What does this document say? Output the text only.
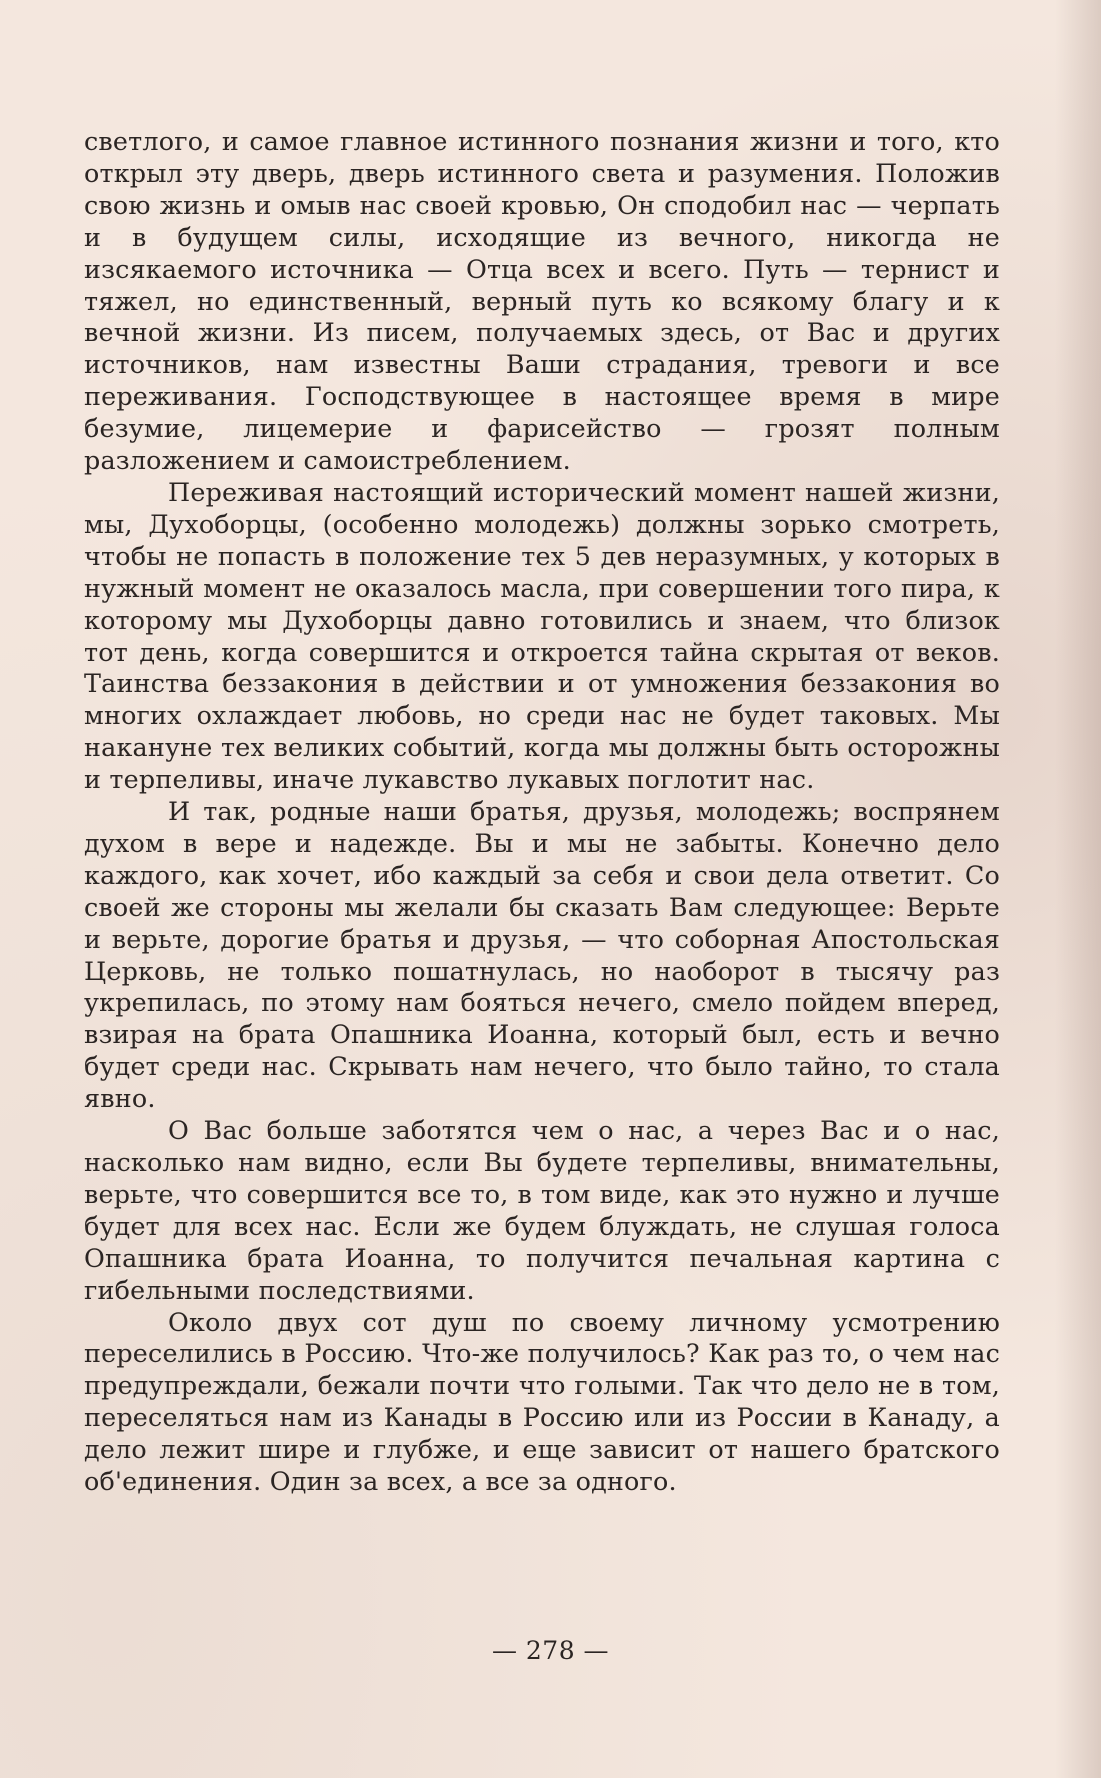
светлого, и самое главное истинного познания жизни и того, кто открыл эту дверь, дверь истинного света и разумения. Положив свою жизнь и омыв нас своей кровью, Он сподобил нас — черпать и в будущем силы, исходящие из вечного, никогда не изсякаемого источника — Отца всех и всего. Путь — тернист и тяжел, но единственный, верный путь ко всякому благу и к вечной жизни. Из писем, получаемых здесь, от Вас и других источников, нам известны Ваши страдания, тревоги и все переживания. Господствующее в настоящее время в мире безумие, лицемерие и фарисейство — грозят полным разложением и самоистреблением.

Переживая настоящий исторический момент нашей жизни, мы, Духоборцы, (особенно молодежь) должны зорько смотреть, чтобы не попасть в положение тех 5 дев неразумных, у которых в нужный момент не оказалось масла, при совершении того пира, к которому мы Духоборцы давно готовились и знаем, что близок тот день, когда совершится и откроется тайна скрытая от веков. Таинства беззакония в действии и от умножения беззакония во многих охлаждает любовь, но среди нас не будет таковых. Мы накануне тех великих событий, когда мы должны быть осторожны и терпеливы, иначе лукавство лукавых поглотит нас.

И так, родные наши братья, друзья, молодежь; воспрянем духом в вере и надежде. Вы и мы не забыты. Конечно дело каждого, как хочет, ибо каждый за себя и свои дела ответит. Со своей же стороны мы желали бы сказать Вам следующее: Верьте и верьте, дорогие братья и друзья, — что соборная Апостольская Церковь, не только пошатнулась, но наоборот в тысячу раз укрепилась, по этому нам бояться нечего, смело пойдем вперед, взирая на брата Опашника Иоанна, который был, есть и вечно будет среди нас. Скрывать нам нечего, что было тайно, то стала явно.

О Вас больше заботятся чем о нас, а через Вас и о нас, насколько нам видно, если Вы будете терпеливы, внимательны, верьте, что совершится все то, в том виде, как это нужно и лучше будет для всех нас. Если же будем блуждать, не слушая голоса Опашника брата Иоанна, то получится печальная картина с гибельными последствиями.

Около двух сот душ по своему личному усмотрению переселились в Россию. Что-же получилось? Как раз то, о чем нас предупреждали, бежали почти что голыми. Так что дело не в том, переселяться нам из Канады в Россию или из России в Канаду, а дело лежит шире и глубже, и еще зависит от нашего братского об'единения. Один за всех, а все за одного.

— 278 —
